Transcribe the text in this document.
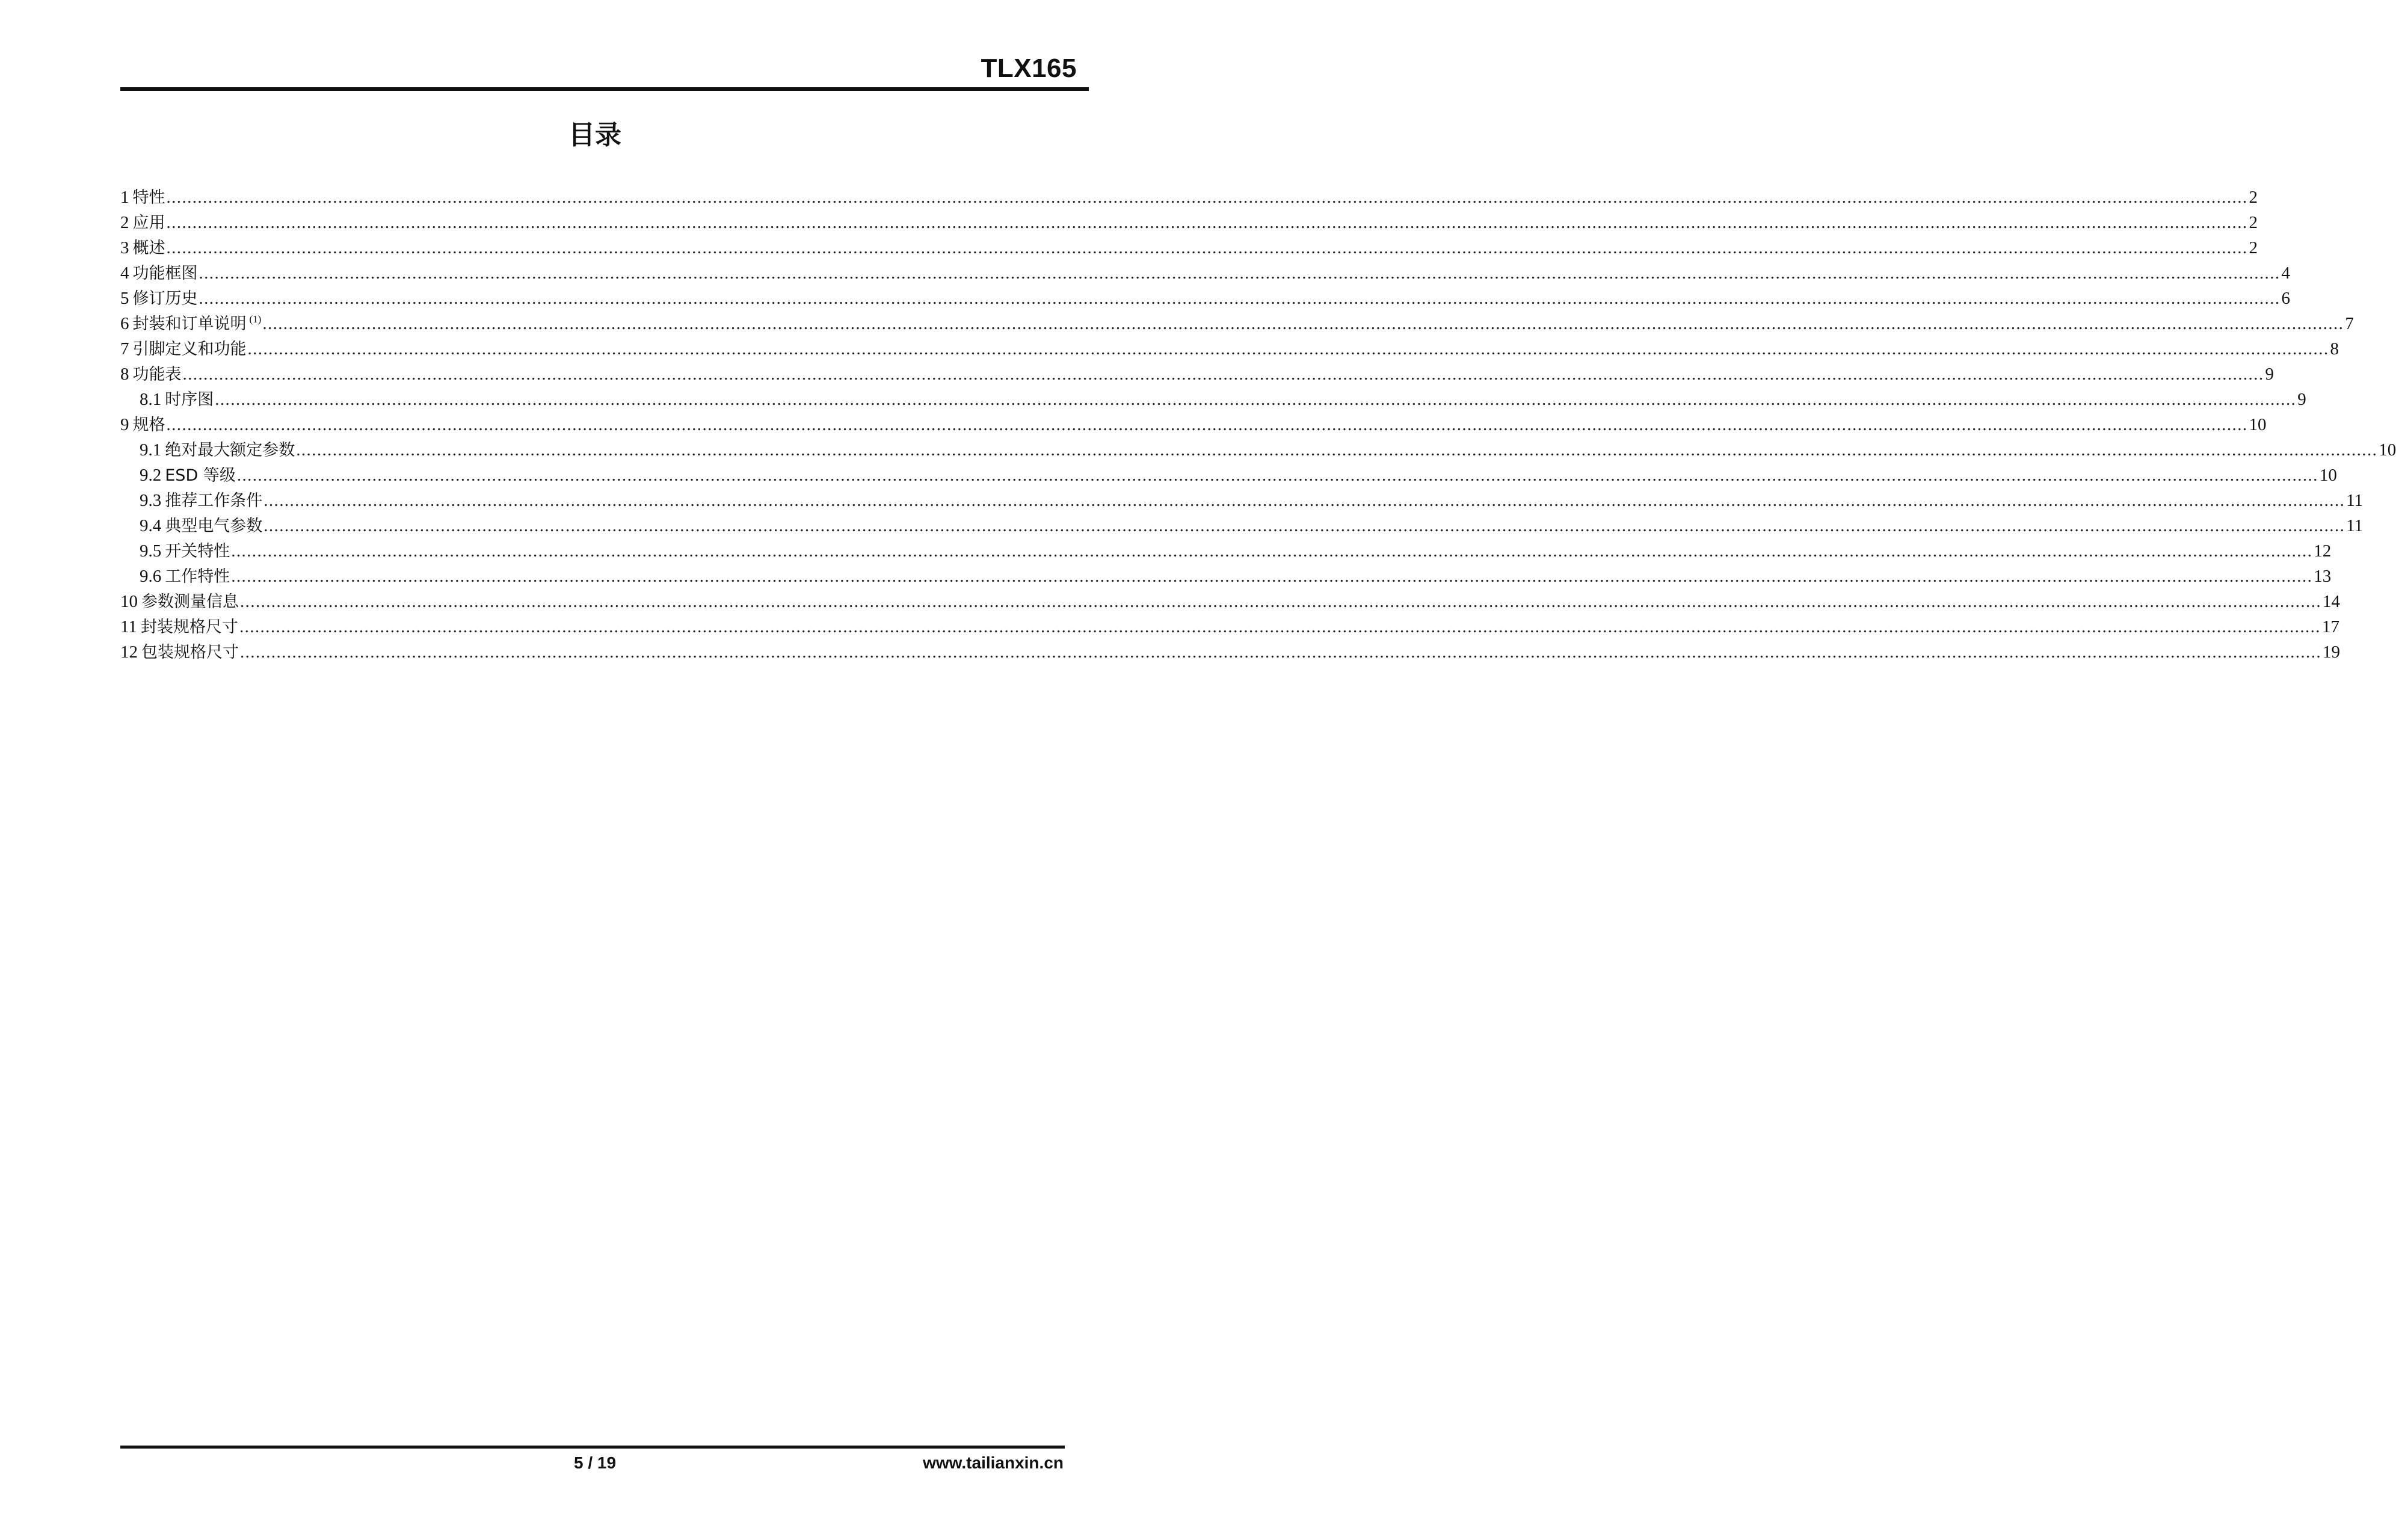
TLX165
目录
1 特性 ................................................................................................................................................................................................................................................................................................................................................................................................................ 2
2 应用 ................................................................................................................................................................................................................................................................................................................................................................................................................ 2
3 概述 ................................................................................................................................................................................................................................................................................................................................................................................................................ 2
4 功能框图 ................................................................................................................................................................................................................................................................................................................................................................................................................ 4
5 修订历史 ................................................................................................................................................................................................................................................................................................................................................................................................................ 6
6 封装和订单说明 (1) ................................................................................................................................................................................................................................................................................................................................................................................................................ 7
7 引脚定义和功能 ................................................................................................................................................................................................................................................................................................................................................................................................................ 8
8 功能表 ................................................................................................................................................................................................................................................................................................................................................................................................................ 9
8.1 时序图 ................................................................................................................................................................................................................................................................................................................................................................................................................ 9
9 规格 ................................................................................................................................................................................................................................................................................................................................................................................................................ 10
9.1 绝对最大额定参数 ................................................................................................................................................................................................................................................................................................................................................................................................................ 10
9.2 ESD 等级 ................................................................................................................................................................................................................................................................................................................................................................................................................ 10
9.3 推荐工作条件 ................................................................................................................................................................................................................................................................................................................................................................................................................ 11
9.4 典型电气参数 ................................................................................................................................................................................................................................................................................................................................................................................................................ 11
9.5 开关特性 ................................................................................................................................................................................................................................................................................................................................................................................................................ 12
9.6 工作特性 ................................................................................................................................................................................................................................................................................................................................................................................................................ 13
10 参数测量信息 ................................................................................................................................................................................................................................................................................................................................................................................................................ 14
11 封装规格尺寸 ................................................................................................................................................................................................................................................................................................................................................................................................................ 17
12 包装规格尺寸 ................................................................................................................................................................................................................................................................................................................................................................................................................ 19
5 / 19	www.tailianxin.cn
